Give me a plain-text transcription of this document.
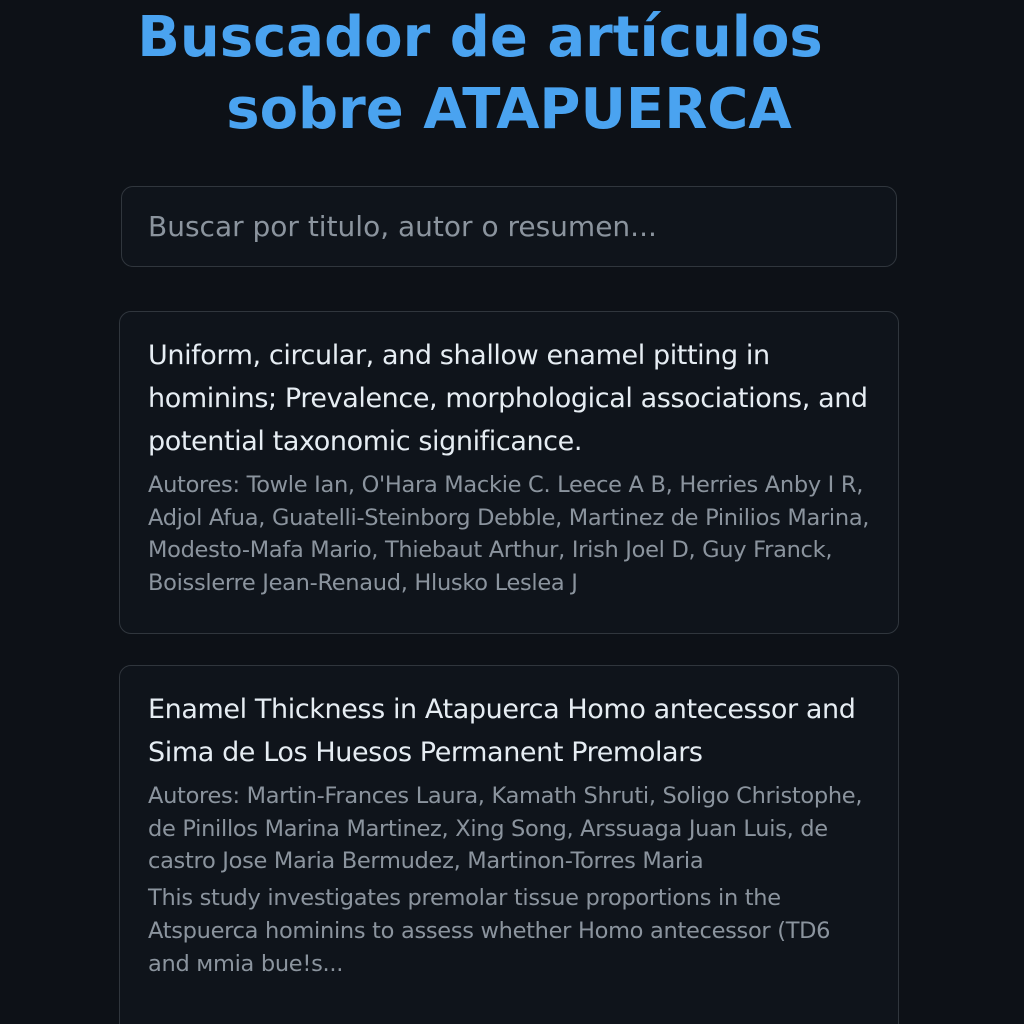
Buscador de artículos
sobre ATAPUERCA
Buscar por titulo, autor o resumen...
Uniform, circular, and shallow enamel pitting in hominins; Prevalence, morphological associations, and potential taxonomic significance.

Autores: Towle Ian, O'Hara Mackie C. Leece A B, Herries Anby I R, Adjol Afua, Guatelli-Steinborg Debble, Martinez de Pinilios Marina, Modesto-Mafa Mario, Thiebaut Arthur, Irish Joel D, Guy Franck, Boisslerre Jean-Renaud, Hlusko Leslea J

Enamel Thickness in Atapuerca Homo antecessor and Sima de Los Huesos Permanent Premolars

Autores: Martin-Frances Laura, Kamath Shruti, Soligo Christophe, de Pinillos Marina Martinez, Xing Song, Arssuaga Juan Luis, de castro Jose Maria Bermudez, Martinon-Torres Maria

This study investigates premolar tissue proportions in the Atspuerca hominins to assess whether Homo antecessor (TD6 and ᴍmia bue!s...
